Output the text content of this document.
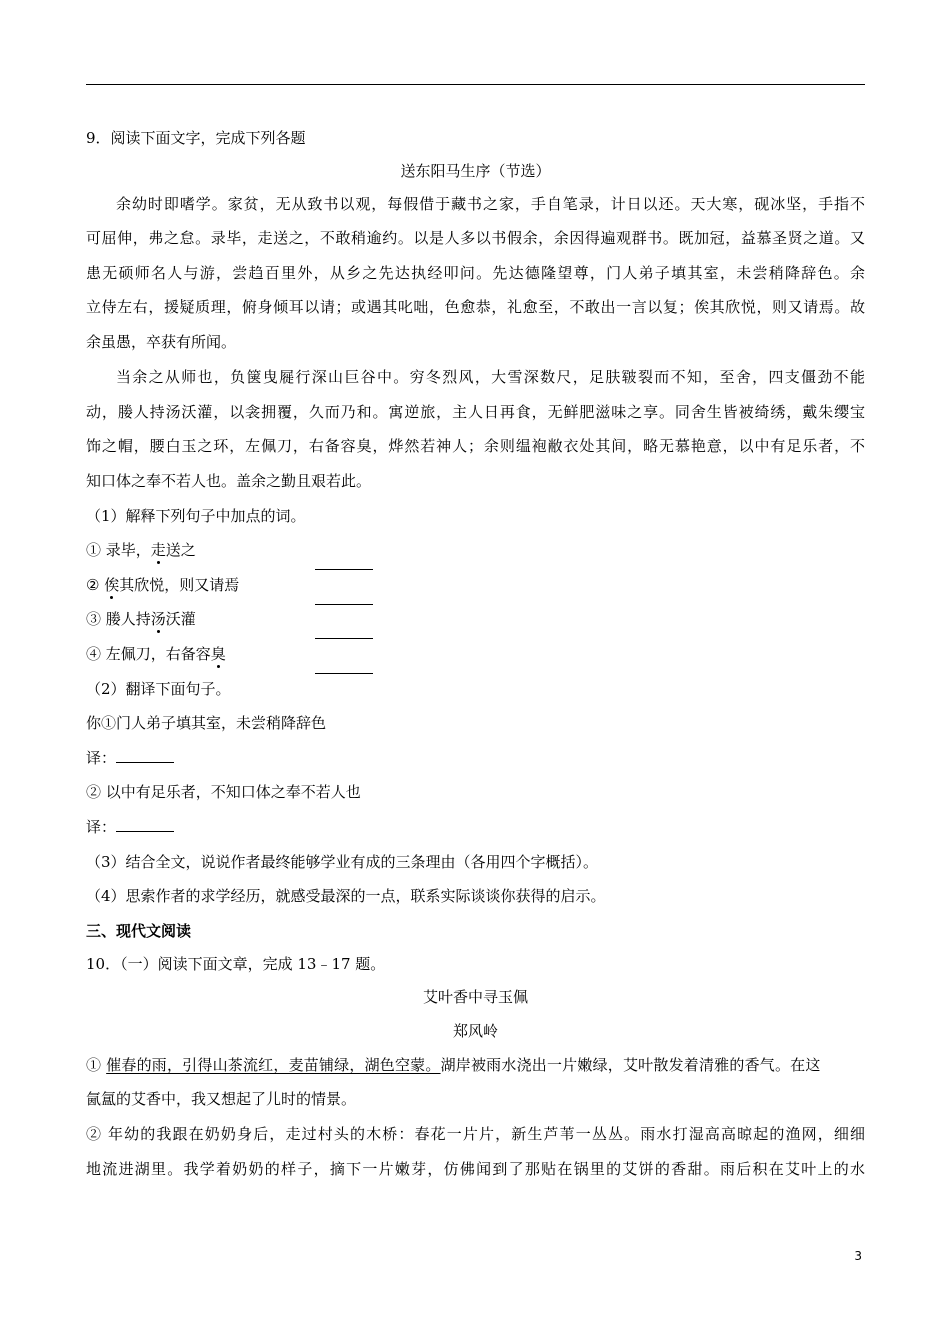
9．阅读下面文字，完成下列各题
送东阳马生序（节选）
余幼时即嗜学。家贫，无从致书以观，每假借于藏书之家，手自笔录，计日以还。天大寒，砚冰坚，手指不
可屈伸，弗之怠。录毕，走送之，不敢稍逾约。以是人多以书假余，余因得遍观群书。既加冠，益慕圣贤之道。又
患无硕师名人与游，尝趋百里外，从乡之先达执经叩问。先达德隆望尊，门人弟子填其室，未尝稍降辞色。余
立侍左右，援疑质理，俯身倾耳以请；或遇其叱咄，色愈恭，礼愈至，不敢出一言以复；俟其欣悦，则又请焉。故
余虽愚，卒获有所闻。
当余之从师也，负箧曳屣行深山巨谷中。穷冬烈风，大雪深数尺，足肤皲裂而不知，至舍，四支僵劲不能
动，媵人持汤沃灌，以衾拥覆，久而乃和。寓逆旅，主人日再食，无鲜肥滋味之享。同舍生皆被绮绣，戴朱缨宝
饰之帽，腰白玉之环，左佩刀，右备容臭，烨然若神人；余则缊袍敝衣处其间，略无慕艳意，以中有足乐者，不
知口体之奉不若人也。盖余之勤且艰若此。
（1）解释下列句子中加点的词。
① 录毕，走送之
② 俟其欣悦，则又请焉
③ 媵人持汤沃灌
④ 左佩刀，右备容臭
（2）翻译下面句子。
你①门人弟子填其室，未尝稍降辞色
译：
② 以中有足乐者，不知口体之奉不若人也
译：
（3）结合全文，说说作者最终能够学业有成的三条理由（各用四个字概括）。
（4）思索作者的求学经历，就感受最深的一点，联系实际谈谈你获得的启示。
三、现代文阅读
10．（一）阅读下面文章，完成 13﹣17 题。
艾叶香中寻玉佩
郑风岭
① 催春的雨，引得山茶流红，麦苗铺绿，湖色空蒙。湖岸被雨水浇出一片嫩绿，艾叶散发着清雅的香气。在这
氤氲的艾香中，我又想起了儿时的情景。
② 年幼的我跟在奶奶身后，走过村头的木桥：春花一片片，新生芦苇一丛丛。雨水打湿高高晾起的渔网，细细
地流进湖里。我学着奶奶的样子，摘下一片嫩芽，仿佛闻到了那贴在锅里的艾饼的香甜。雨后积在艾叶上的水
3
